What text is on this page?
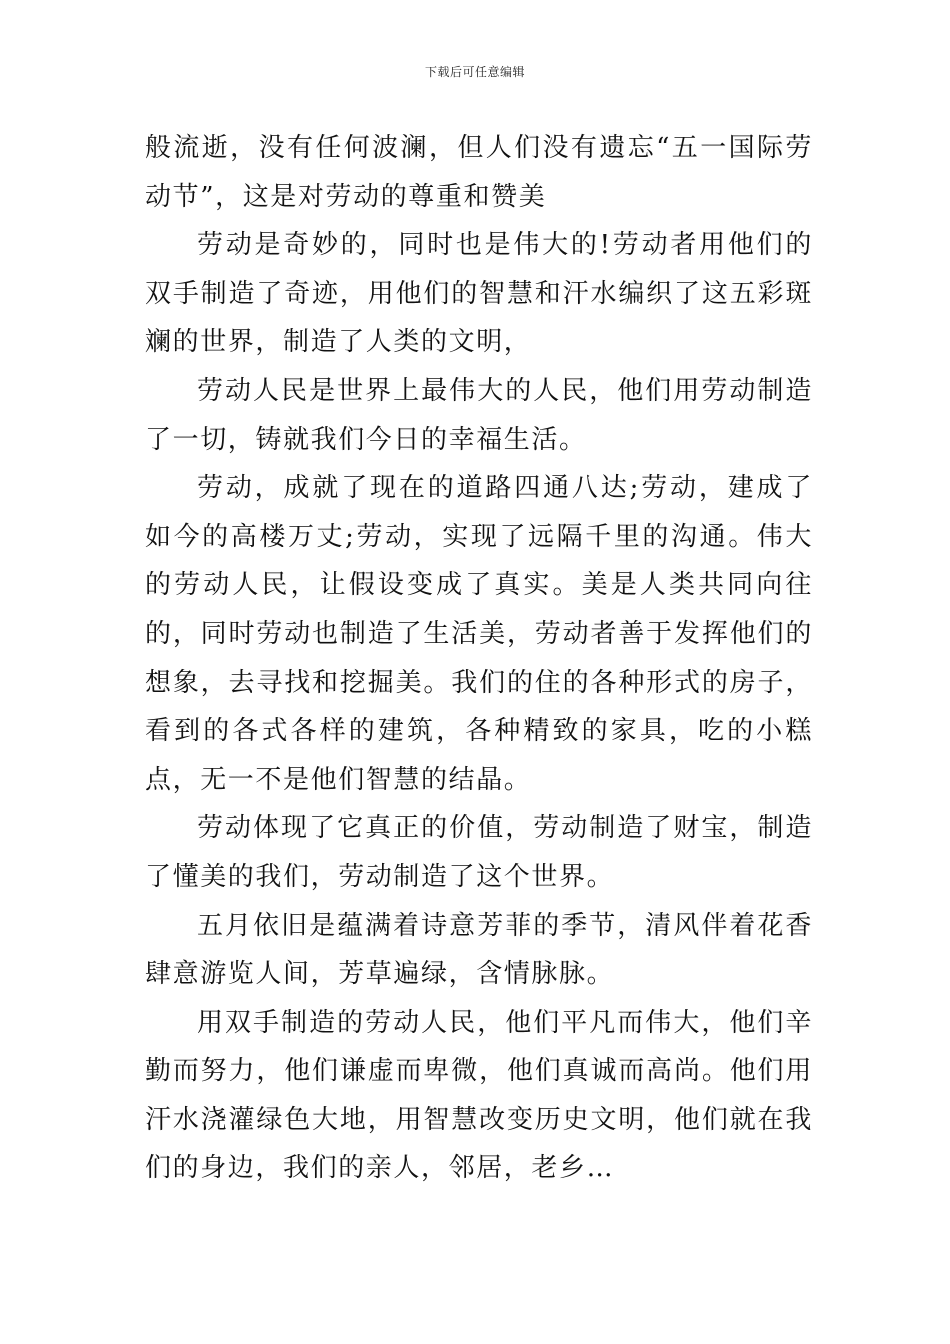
下载后可任意编辑

般流逝，没有任何波澜，但人们没有遗忘“五一国际劳动节”，这是对劳动的尊重和赞美

劳动是奇妙的，同时也是伟大的!劳动者用他们的双手制造了奇迹，用他们的智慧和汗水编织了这五彩斑斓的世界，制造了人类的文明，

劳动人民是世界上最伟大的人民，他们用劳动制造了一切，铸就我们今日的幸福生活。

劳动，成就了现在的道路四通八达;劳动，建成了如今的高楼万丈;劳动，实现了远隔千里的沟通。伟大的劳动人民，让假设变成了真实。美是人类共同向往的，同时劳动也制造了生活美，劳动者善于发挥他们的想象，去寻找和挖掘美。我们的住的各种形式的房子，看到的各式各样的建筑，各种精致的家具，吃的小糕点，无一不是他们智慧的结晶。

劳动体现了它真正的价值，劳动制造了财宝，制造了懂美的我们，劳动制造了这个世界。

五月依旧是蕴满着诗意芳菲的季节，清风伴着花香肆意游览人间，芳草遍绿，含情脉脉。

用双手制造的劳动人民，他们平凡而伟大，他们辛勤而努力，他们谦虚而卑微，他们真诚而高尚。他们用汗水浇灌绿色大地，用智慧改变历史文明，他们就在我们的身边，我们的亲人，邻居，老乡…
